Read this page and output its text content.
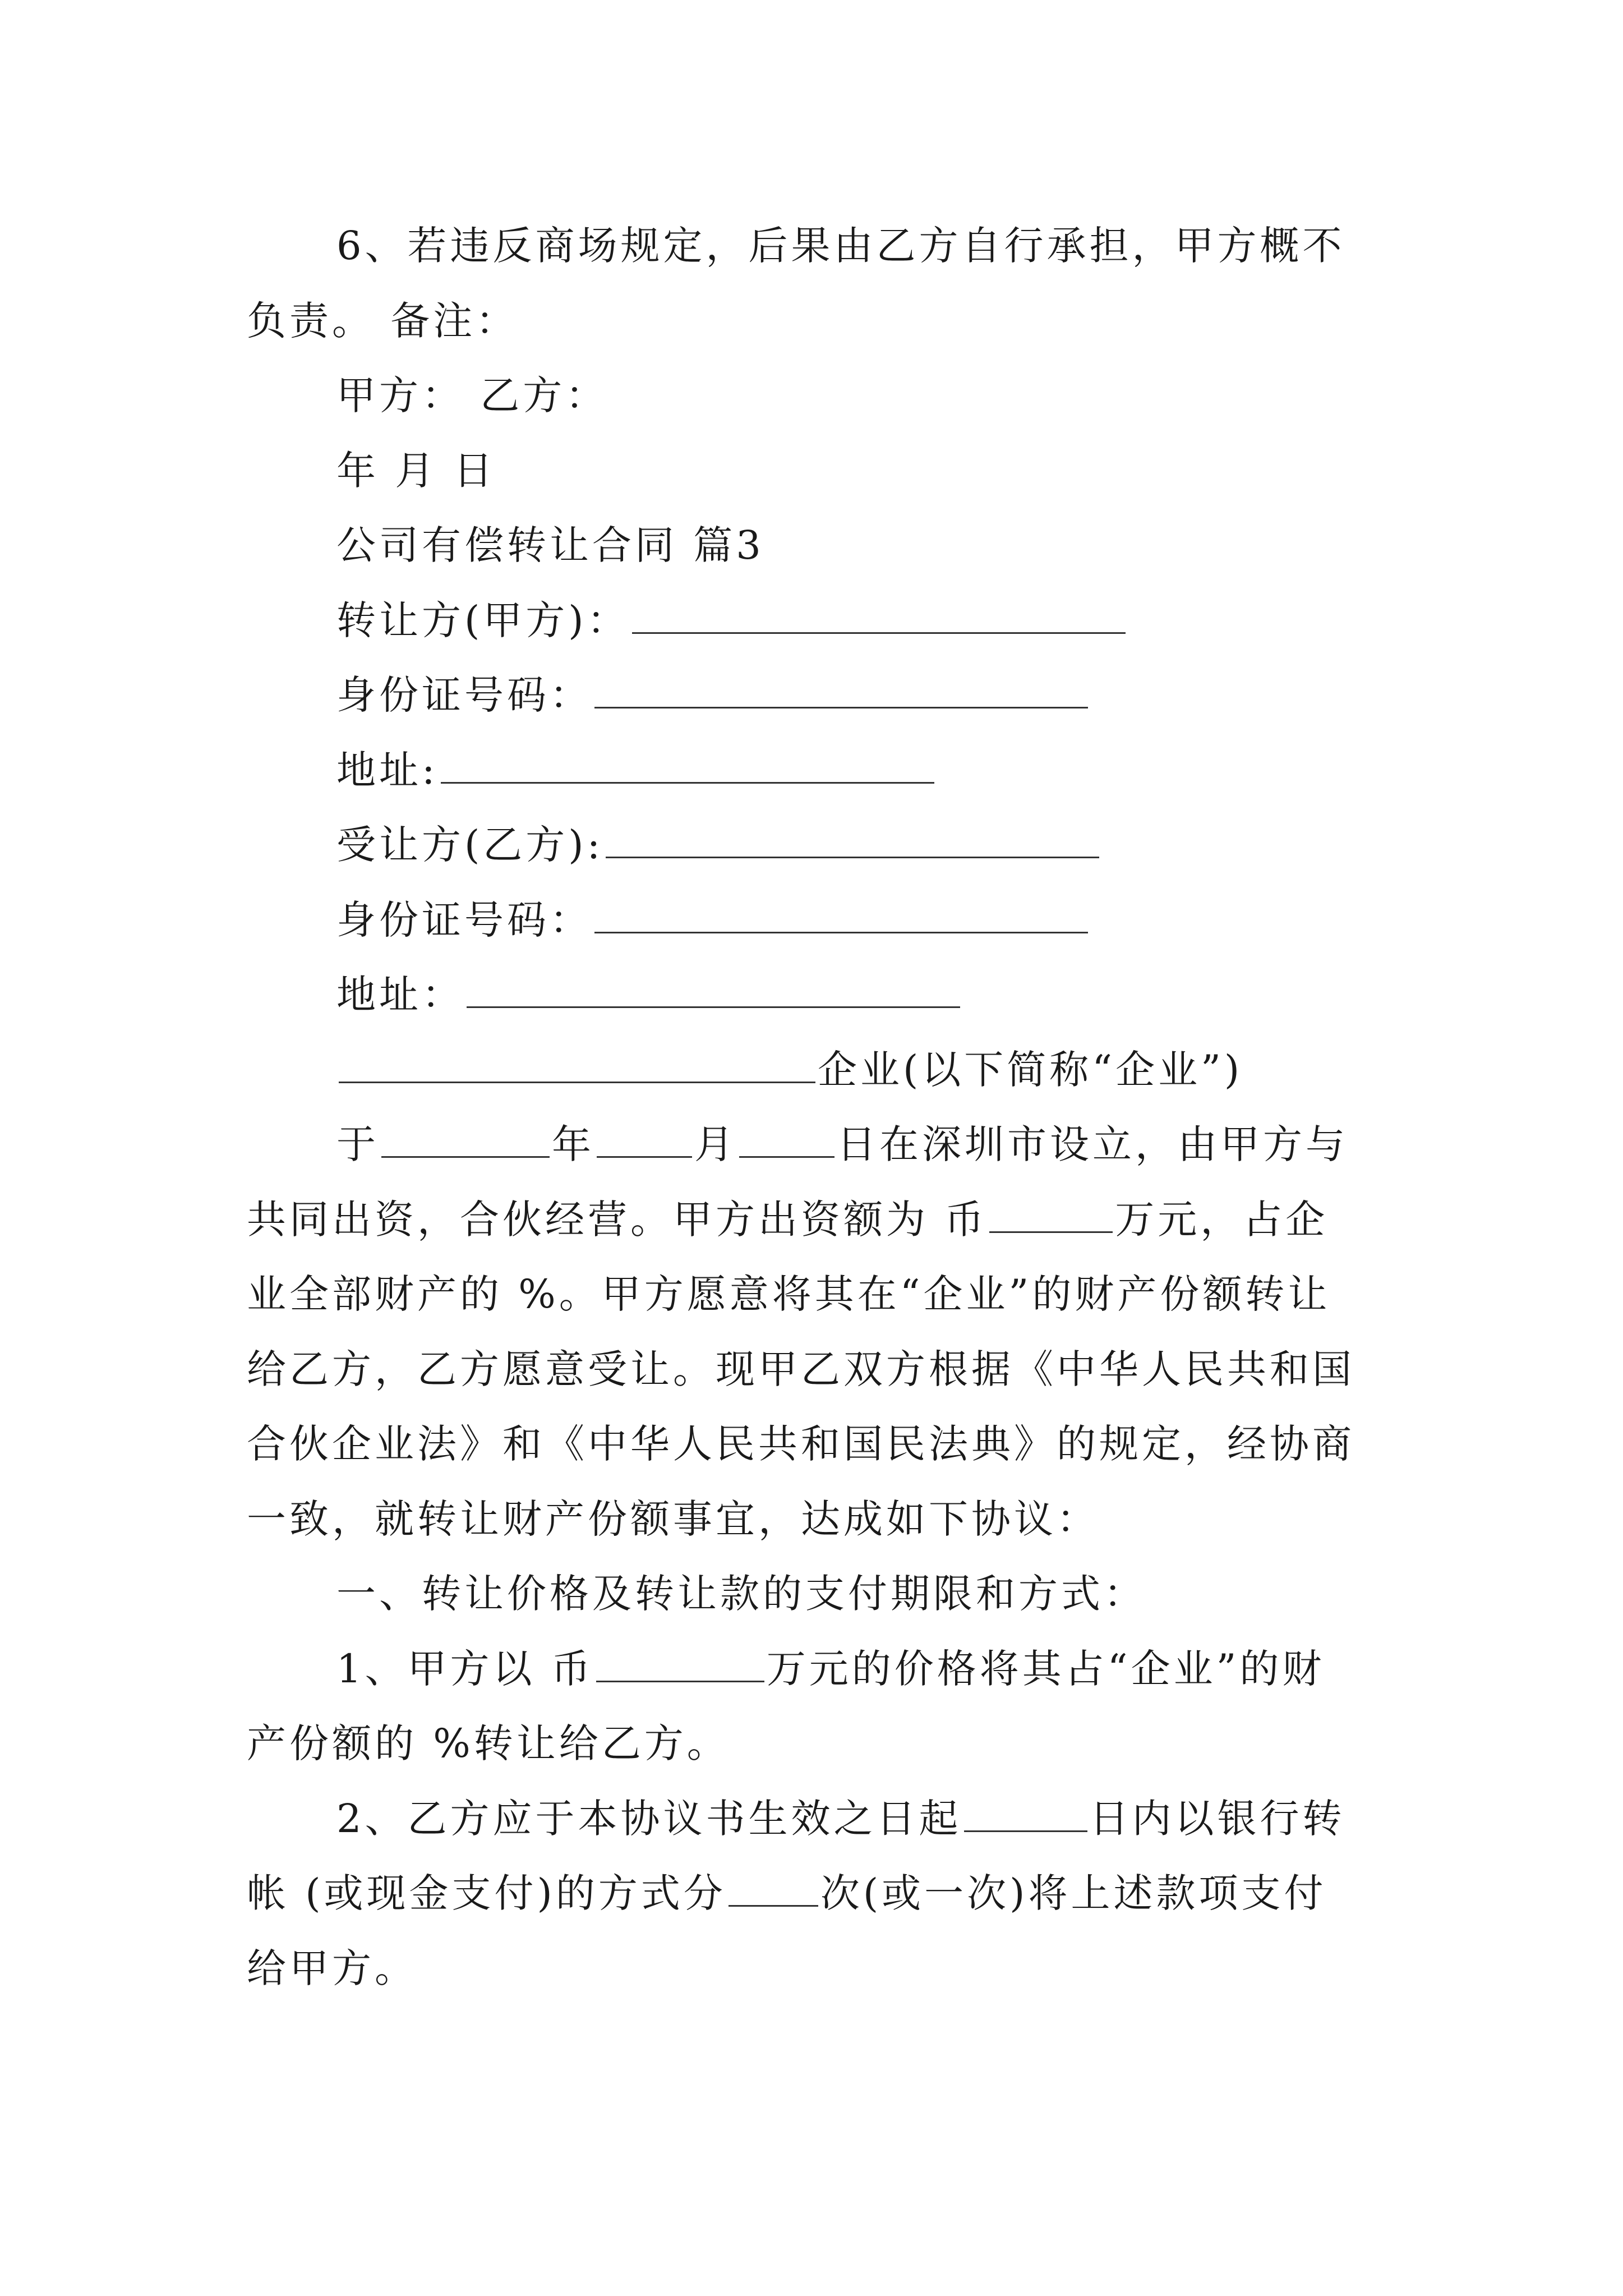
6、若违反商场规定，后果由乙方自行承担，甲方概不
负责。 备注：
甲方： 乙方：
年 月 日
公司有偿转让合同 篇3
转让方(甲方)：
身份证号码：
地址:
受让方(乙方):
身份证号码：
地址：
企业(以下简称“企业”)
于	年	月	日在深圳市设立，由甲方与
共同出资，合伙经营。甲方出资额为 币	万元，占企
业全部财产的 %。甲方愿意将其在“企业”的财产份额转让
给乙方，乙方愿意受让。现甲乙双方根据《中华人民共和国
合伙企业法》和《中华人民共和国民法典》的规定，经协商
一致，就转让财产份额事宜，达成如下协议：
一、转让价格及转让款的支付期限和方式：
1、甲方以 币	万元的价格将其占“企业”的财
产份额的 %转让给乙方。
2、乙方应于本协议书生效之日起	日内以银行转
帐 (或现金支付)的方式分 次(或一次)将上述款项支付
给甲方。
